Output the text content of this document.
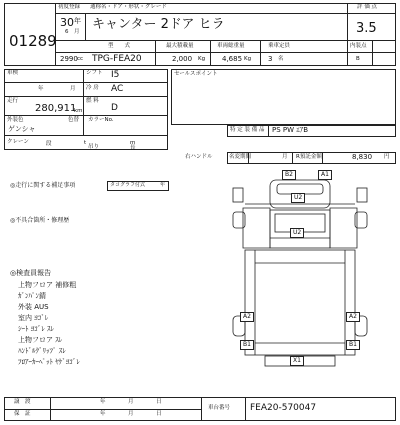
01289
初度登録 通称名・ドア・形状・グレード
30 年
6 月 キャンター 2ドア ヒラ
型　　式	最大積載量	車両総重量	乗車定員
2990 cc TPG-FEA20	2,000 Kg 4,685 Kg 3 名
評 価 点
3.5
内装点
B
車検
年	月
シフト I5
冷 房 AC
走行
280,911
km
燃 料
D
外装色
ゲンシャ
色替 カラーNo.
クレーン	段	t
吊り
m
長
セールスポイント
特 定 装 備 品 PS PW ｴｱB
右ハンドル	名変期間	月 R預託金額	8,830 円
◎走行に関する補足事項	タコグラフ付式	年
◎不具合箇所・修理歴
◎検査員報告
上物フロア 補修粗
ｶﾞﾝﾊﾟﾝ錆
外装 AUS
室内 ﾖｺﾞﾚ
ｼｰﾄ ﾖｺﾞﾚ ｽﾚ
上物フロア ｽﾚ
ﾊﾝﾄﾞﾙｸﾞﾘｯﾌﾟ ｽﾚ
ﾌﾛｱｰｶｰﾍﾟｯﾄ ﾔｹﾞﾖｺﾞﾚ
B2	A1
U2
U2
A2
B1
A2
B1
X1
譲　渡
保　証
年	月	日
年	月	日
車台番号 FEA20-570047
